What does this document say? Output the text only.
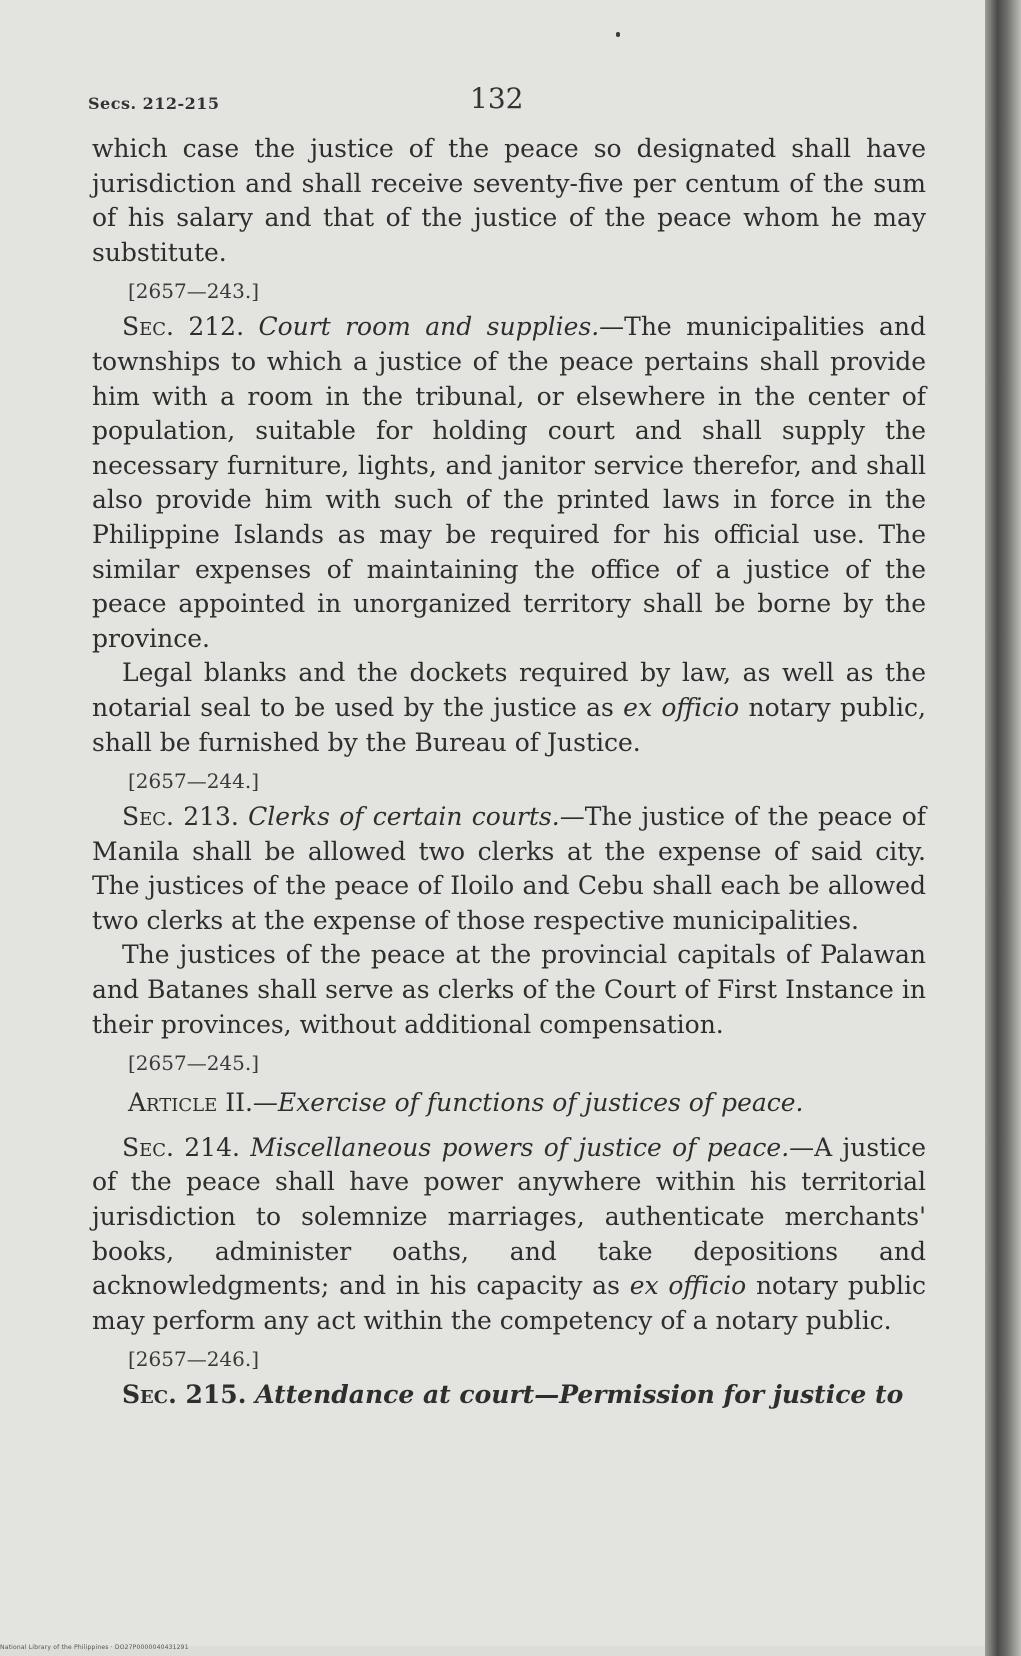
Secs. 212-215	132

which case the justice of the peace so designated shall have jurisdiction and shall receive seventy-five per centum of the sum of his salary and that of the justice of the peace whom he may substitute.

[2657—243.]

Sec. 212. Court room and supplies.—The municipalities and townships to which a justice of the peace pertains shall provide him with a room in the tribunal, or elsewhere in the center of population, suitable for holding court and shall supply the necessary furniture, lights, and janitor service therefor, and shall also provide him with such of the printed laws in force in the Philippine Islands as may be required for his official use. The similar expenses of maintaining the office of a justice of the peace appointed in unorganized territory shall be borne by the province.

Legal blanks and the dockets required by law, as well as the notarial seal to be used by the justice as ex officio notary public, shall be furnished by the Bureau of Justice.

[2657—244.]

Sec. 213. Clerks of certain courts.—The justice of the peace of Manila shall be allowed two clerks at the expense of said city. The justices of the peace of Iloilo and Cebu shall each be allowed two clerks at the expense of those respective municipalities.

The justices of the peace at the provincial capitals of Palawan and Batanes shall serve as clerks of the Court of First Instance in their provinces, without additional compensation.

[2657—245.]
Article II.—Exercise of functions of justices of peace.

Sec. 214. Miscellaneous powers of justice of peace.—A justice of the peace shall have power anywhere within his territorial jurisdiction to solemnize marriages, authenticate merchants' books, administer oaths, and take depositions and acknowledgments; and in his capacity as ex officio notary public may perform any act within the competency of a notary public.

[2657—246.]

Sec. 215. Attendance at court—Permission for justice to

National Library of the Philippines · DO27P0000040431291
